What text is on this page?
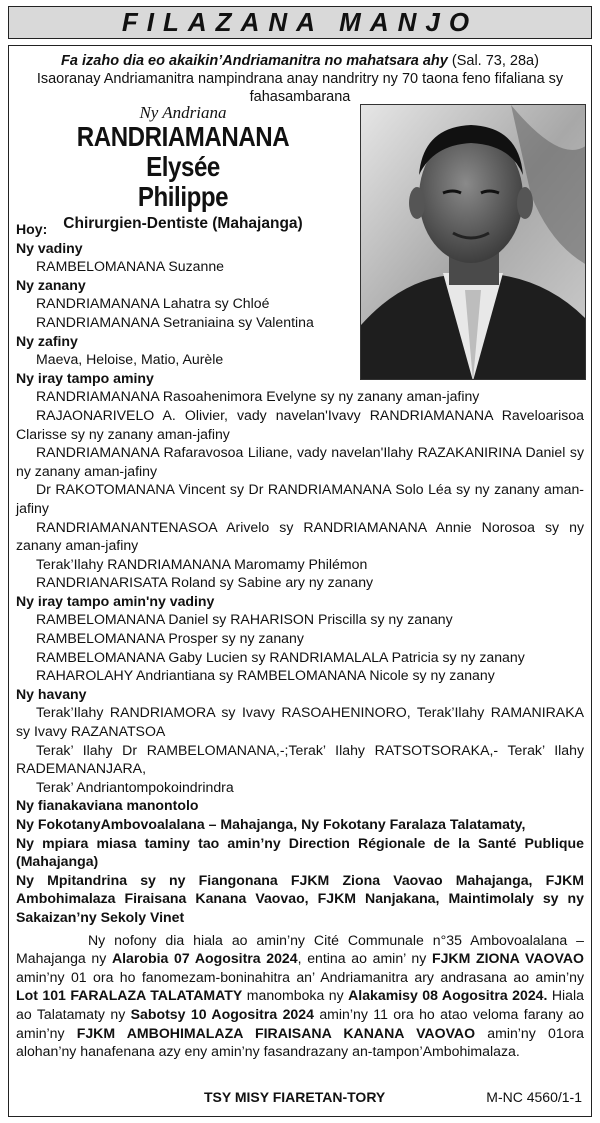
FILAZANA MANJO
Fa izaho dia eo akaikin’Andriamanitra no mahatsara ahy (Sal. 73, 28a)
Isaoranay Andriamanitra nampindrana anay nandritry ny 70 taona feno fifaliana sy fahasambarana
Ny Andriana
RANDRIAMANANA Elysée
Philippe
Chirurgien-Dentiste (Mahajanga)
Hoy:
Ny vadiny
RAMBELOMANANA Suzanne
Ny zanany
RANDRIAMANANA Lahatra sy Chloé
RANDRIAMANANA Setraniaina sy Valentina
Ny zafiny
Maeva, Heloise, Matio, Aurèle
Ny iray tampo aminy
RANDRIAMANANA Rasoahenimora Evelyne sy ny zanany aman-jafiny
RAJAONARIVELO A. Olivier, vady navelan'Ivavy RANDRIAMANANA Raveloarisoa Clarisse sy ny zanany aman-jafiny
RANDRIAMANANA Rafaravosoa Liliane, vady navelan'Ilahy RAZAKANIRINA Daniel sy ny zanany aman-jafiny
Dr RAKOTOMANANA Vincent sy Dr RANDRIAMANANA Solo Léa sy ny zanany aman-jafiny
RANDRIAMANANTENASOA Arivelo sy RANDRIAMANANA Annie Norosoa sy ny zanany aman-jafiny
Terak’Ilahy RANDRIAMANANA Maromamy Philémon
RANDRIANARISATA Roland sy Sabine ary ny zanany
Ny iray tampo amin'ny vadiny
RAMBELOMANANA Daniel sy RAHARISON Priscilla sy ny zanany
RAMBELOMANANA Prosper sy ny zanany
RAMBELOMANANA Gaby Lucien sy RANDRIAMALALA Patricia sy ny zanany
RAHAROLAHY Andriantiana sy RAMBELOMANANA Nicole sy ny zanany
Ny havany
Terak’Ilahy RANDRIAMORA sy Ivavy RASOAHENINORO, Terak’Ilahy RAMANIRAKA sy Ivavy RAZANATSOA
Terak’ Ilahy Dr RAMBELOMANANA,-;Terak’ Ilahy RATSOTSORAKA,- Terak’ Ilahy RADEMANANJARA,
Terak’ Andriantompokoindrindra
Ny fianakaviana manontolo
Ny FokotanyAmbovoalalana – Mahajanga, Ny Fokotany Faralaza Talatamaty,
Ny mpiara miasa taminy tao amin’ny Direction Régionale de la Santé Publique (Mahajanga)
Ny Mpitandrina sy ny Fiangonana FJKM Ziona Vaovao Mahajanga, FJKM Ambohimalaza Firaisana Kanana Vaovao, FJKM Nanjakana, Maintimolaly sy ny Sakaizan’ny Sekoly Vinet
Ny nofony dia hiala ao amin’ny Cité Communale n°35 Ambovoalalana – Mahajanga ny Alarobia 07 Aogositra 2024, entina ao amin’ ny FJKM ZIONA VAOVAO amin’ny 01 ora ho fanomezam-boninahitra an’ Andriamanitra ary andrasana ao amin’ny Lot 101 FARALAZA TALATAMATY manomboka ny Alakamisy 08 Aogositra 2024. Hiala ao Talatamaty ny Sabotsy 10 Aogositra 2024 amin’ny 11 ora ho atao veloma farany ao amin’ny FJKM AMBOHIMALAZA FIRAISANA KANANA VAOVAO amin’ny 01ora alohan’ny hanafenana azy eny amin’ny fasandrazany an-tampon’Ambohimalaza.
TSY MISY FIARETAN-TORY	M-NC 4560/1-1
